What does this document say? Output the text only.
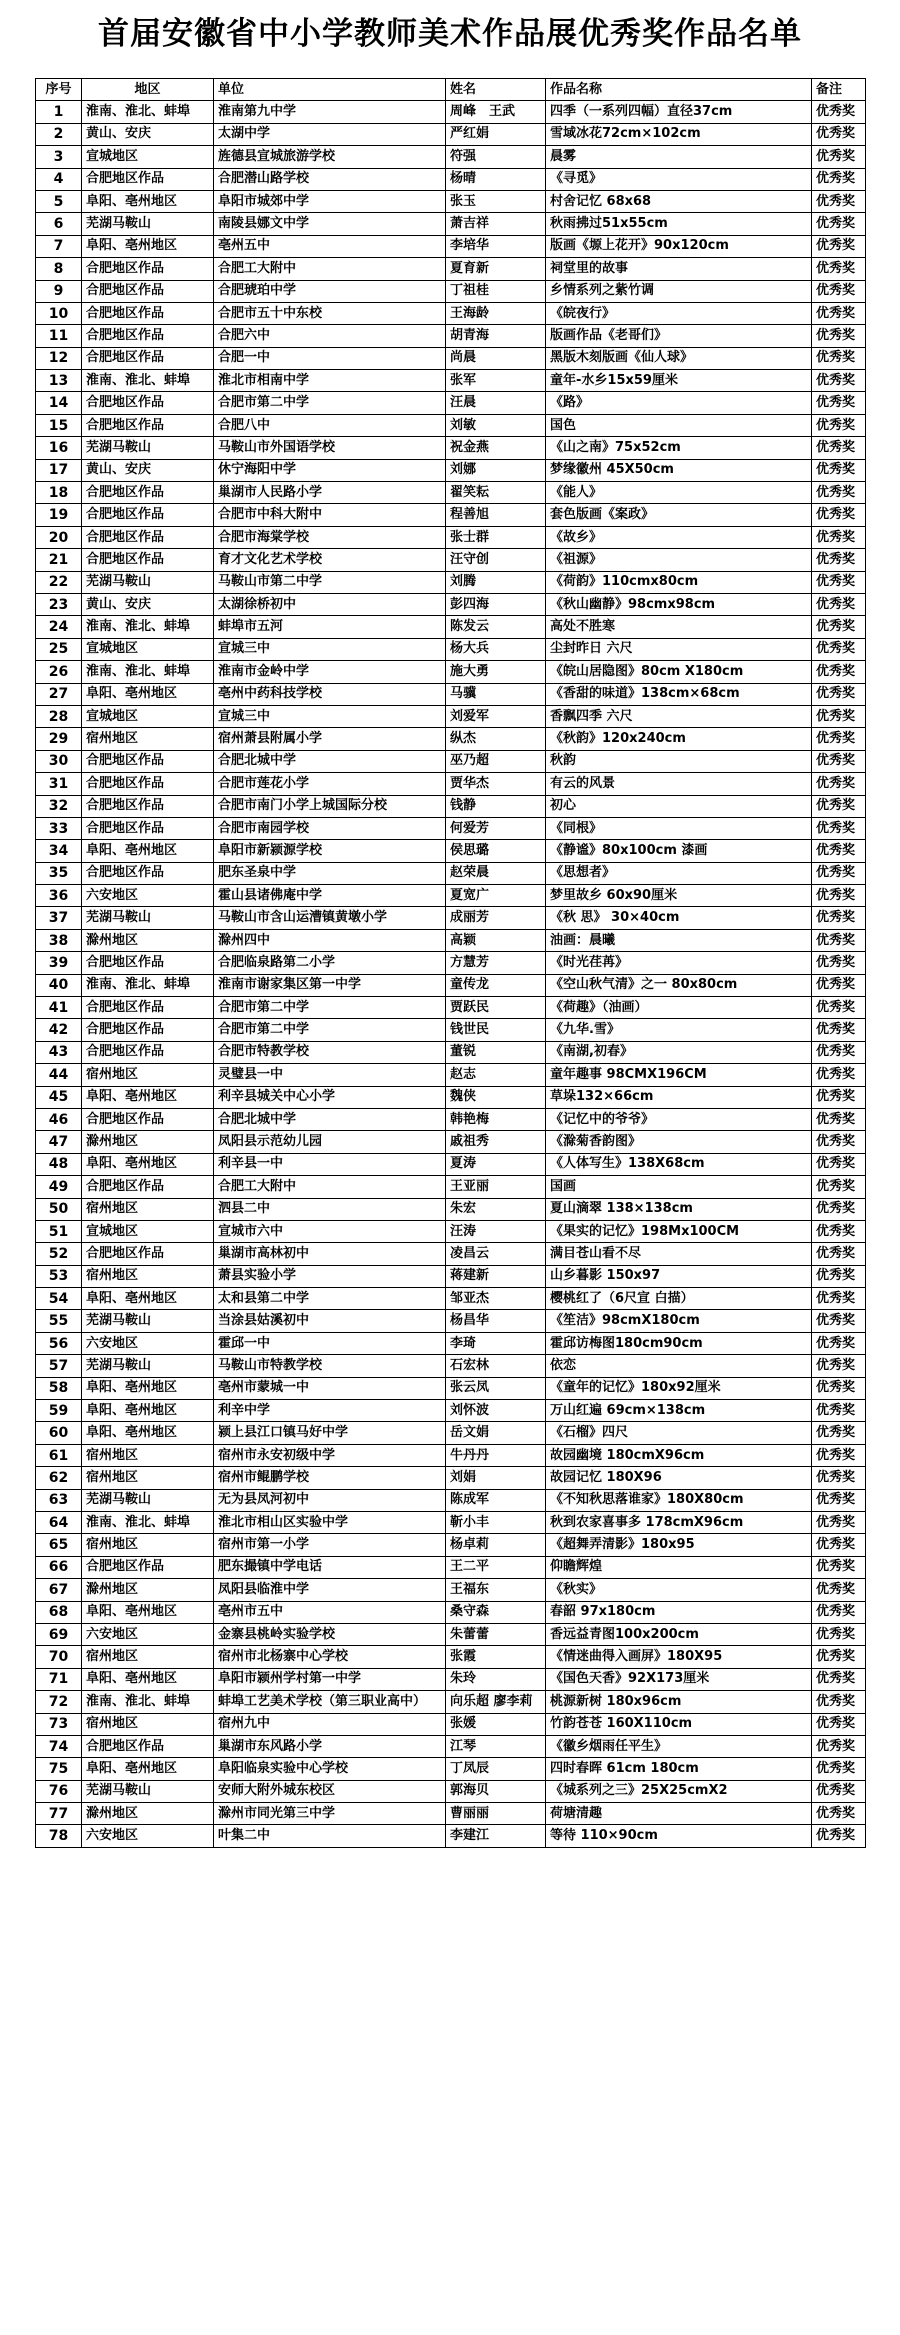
首届安徽省中小学教师美术作品展优秀奖作品名单
序号	地区	单位	姓名	作品名称	备注
1	淮南、淮北、蚌埠	淮南第九中学	周峰　王武	四季（一系列四幅）直径37cm	优秀奖
2	黄山、安庆	太湖中学	严红娟	雪域冰花72cm×102cm	优秀奖
3	宣城地区	旌德县宣城旅游学校	符强	晨雾	优秀奖
4	合肥地区作品	合肥潜山路学校	杨晴	《寻觅》	优秀奖
5	阜阳、亳州地区	阜阳市城郊中学	张玉	村舍记忆 68x68	优秀奖
6	芜湖马鞍山	南陵县娜文中学	萧吉祥	秋雨拂过51x55cm	优秀奖
7	阜阳、亳州地区	亳州五中	李培华	版画《塬上花开》90x120cm	优秀奖
8	合肥地区作品	合肥工大附中	夏育新	祠堂里的故事	优秀奖
9	合肥地区作品	合肥琥珀中学	丁祖桂	乡情系列之紫竹调	优秀奖
10	合肥地区作品	合肥市五十中东校	王海龄	《皖夜行》	优秀奖
11	合肥地区作品	合肥六中	胡青海	版画作品《老哥们》	优秀奖
12	合肥地区作品	合肥一中	尚晨	黑版木刻版画《仙人球》	优秀奖
13	淮南、淮北、蚌埠	淮北市相南中学	张军	童年-水乡15x59厘米	优秀奖
14	合肥地区作品	合肥市第二中学	汪晨	《路》	优秀奖
15	合肥地区作品	合肥八中	刘敏	国色	优秀奖
16	芜湖马鞍山	马鞍山市外国语学校	祝金燕	《山之南》75x52cm	优秀奖
17	黄山、安庆	休宁海阳中学	刘娜	梦缘徽州 45X50cm	优秀奖
18	合肥地区作品	巢湖市人民路小学	翟笑耘	《能人》	优秀奖
19	合肥地区作品	合肥市中科大附中	程善旭	套色版画《案政》	优秀奖
20	合肥地区作品	合肥市海棠学校	张士群	《故乡》	优秀奖
21	合肥地区作品	育才文化艺术学校	汪守创	《祖源》	优秀奖
22	芜湖马鞍山	马鞍山市第二中学	刘腾	《荷韵》110cmx80cm	优秀奖
23	黄山、安庆	太湖徐桥初中	彭四海	《秋山幽静》98cmx98cm	优秀奖
24	淮南、淮北、蚌埠	蚌埠市五河	陈发云	高处不胜寒	优秀奖
25	宣城地区	宣城三中	杨大兵	尘封昨日 六尺	优秀奖
26	淮南、淮北、蚌埠	淮南市金岭中学	施大勇	《皖山居隐图》80cm X180cm	优秀奖
27	阜阳、亳州地区	亳州中药科技学校	马骥	《香甜的味道》138cm×68cm	优秀奖
28	宣城地区	宣城三中	刘爱军	香飘四季 六尺	优秀奖
29	宿州地区	宿州萧县附属小学	纵杰	《秋韵》120x240cm	优秀奖
30	合肥地区作品	合肥北城中学	巫乃超	秋韵	优秀奖
31	合肥地区作品	合肥市莲花小学	贾华杰	有云的风景	优秀奖
32	合肥地区作品	合肥市南门小学上城国际分校	钱静	初心	优秀奖
33	合肥地区作品	合肥市南园学校	何爱芳	《同根》	优秀奖
34	阜阳、亳州地区	阜阳市新颍源学校	侯思璐	《静谧》80x100cm 漆画	优秀奖
35	合肥地区作品	肥东圣泉中学	赵荣晨	《思想者》	优秀奖
36	六安地区	霍山县诸佛庵中学	夏宽广	梦里故乡 60x90厘米	优秀奖
37	芜湖马鞍山	马鞍山市含山运漕镇黄墩小学	成丽芳	《秋 思》 30×40cm	优秀奖
38	滁州地区	滁州四中	高颖	油画：晨曦	优秀奖
39	合肥地区作品	合肥临泉路第二小学	方慧芳	《时光荏苒》	优秀奖
40	淮南、淮北、蚌埠	淮南市谢家集区第一中学	童传龙	《空山秋气清》之一 80x80cm	优秀奖
41	合肥地区作品	合肥市第二中学	贾跃民	《荷趣》（油画）	优秀奖
42	合肥地区作品	合肥市第二中学	钱世民	《九华.雪》	优秀奖
43	合肥地区作品	合肥市特教学校	董锐	《南湖,初春》	优秀奖
44	宿州地区	灵璧县一中	赵志	童年趣事 98CMX196CM	优秀奖
45	阜阳、亳州地区	利辛县城关中心小学	魏侠	草垛132×66cm	优秀奖
46	合肥地区作品	合肥北城中学	韩艳梅	《记忆中的爷爷》	优秀奖
47	滁州地区	凤阳县示范幼儿园	戚祖秀	《滁菊香韵图》	优秀奖
48	阜阳、亳州地区	利辛县一中	夏涛	《人体写生》138X68cm	优秀奖
49	合肥地区作品	合肥工大附中	王亚丽	国画	优秀奖
50	宿州地区	泗县二中	朱宏	夏山滴翠 138×138cm	优秀奖
51	宣城地区	宣城市六中	汪涛	《果实的记忆》198Mx100CM	优秀奖
52	合肥地区作品	巢湖市高林初中	凌昌云	满目苍山看不尽	优秀奖
53	宿州地区	萧县实验小学	蒋建新	山乡暮影 150x97	优秀奖
54	阜阳、亳州地区	太和县第二中学	邹亚杰	樱桃红了（6尺宣 白描）	优秀奖
55	芜湖马鞍山	当涂县姑溪初中	杨昌华	《笙洁》98cmX180cm	优秀奖
56	六安地区	霍邱一中	李琦	霍邱访梅图180cm90cm	优秀奖
57	芜湖马鞍山	马鞍山市特教学校	石宏林	依恋	优秀奖
58	阜阳、亳州地区	亳州市蒙城一中	张云凤	《童年的记忆》180x92厘米	优秀奖
59	阜阳、亳州地区	利辛中学	刘怀波	万山红遍 69cm×138cm	优秀奖
60	阜阳、亳州地区	颍上县江口镇马好中学	岳文娟	《石榴》四尺	优秀奖
61	宿州地区	宿州市永安初级中学	牛丹丹	故园幽境 180cmX96cm	优秀奖
62	宿州地区	宿州市鲲鹏学校	刘娟	故园记忆 180X96	优秀奖
63	芜湖马鞍山	无为县凤河初中	陈成军	《不知秋思落谁家》180X80cm	优秀奖
64	淮南、淮北、蚌埠	淮北市相山区实验中学	靳小丰	秋到农家喜事多 178cmX96cm	优秀奖
65	宿州地区	宿州市第一小学	杨卓莉	《超舞弄清影》180x95	优秀奖
66	合肥地区作品	肥东撮镇中学电话	王二平	仰瞻辉煌	优秀奖
67	滁州地区	凤阳县临淮中学	王福东	《秋实》	优秀奖
68	阜阳、亳州地区	亳州市五中	桑守森	春韶 97x180cm	优秀奖
69	六安地区	金寨县桃岭实验学校	朱蕾蕾	香远益青图100x200cm	优秀奖
70	宿州地区	宿州市北杨寨中心学校	张霞	《情迷曲得入画屏》180X95	优秀奖
71	阜阳、亳州地区	阜阳市颍州学村第一中学	朱玲	《国色天香》92X173厘米	优秀奖
72	淮南、淮北、蚌埠	蚌埠工艺美术学校（第三职业高中）	向乐超 廖李莉	桃源新树 180x96cm	优秀奖
73	宿州地区	宿州九中	张媛	竹韵苍苍 160X110cm	优秀奖
74	合肥地区作品	巢湖市东风路小学	江琴	《徽乡烟雨任平生》	优秀奖
75	阜阳、亳州地区	阜阳临泉实验中心学校	丁凤辰	四时春晖 61cm 180cm	优秀奖
76	芜湖马鞍山	安师大附外城东校区	郭海贝	《城系列之三》25X25cmX2	优秀奖
77	滁州地区	滁州市同光第三中学	曹丽丽	荷塘清趣	优秀奖
78	六安地区	叶集二中	李建江	等待 110×90cm	优秀奖
